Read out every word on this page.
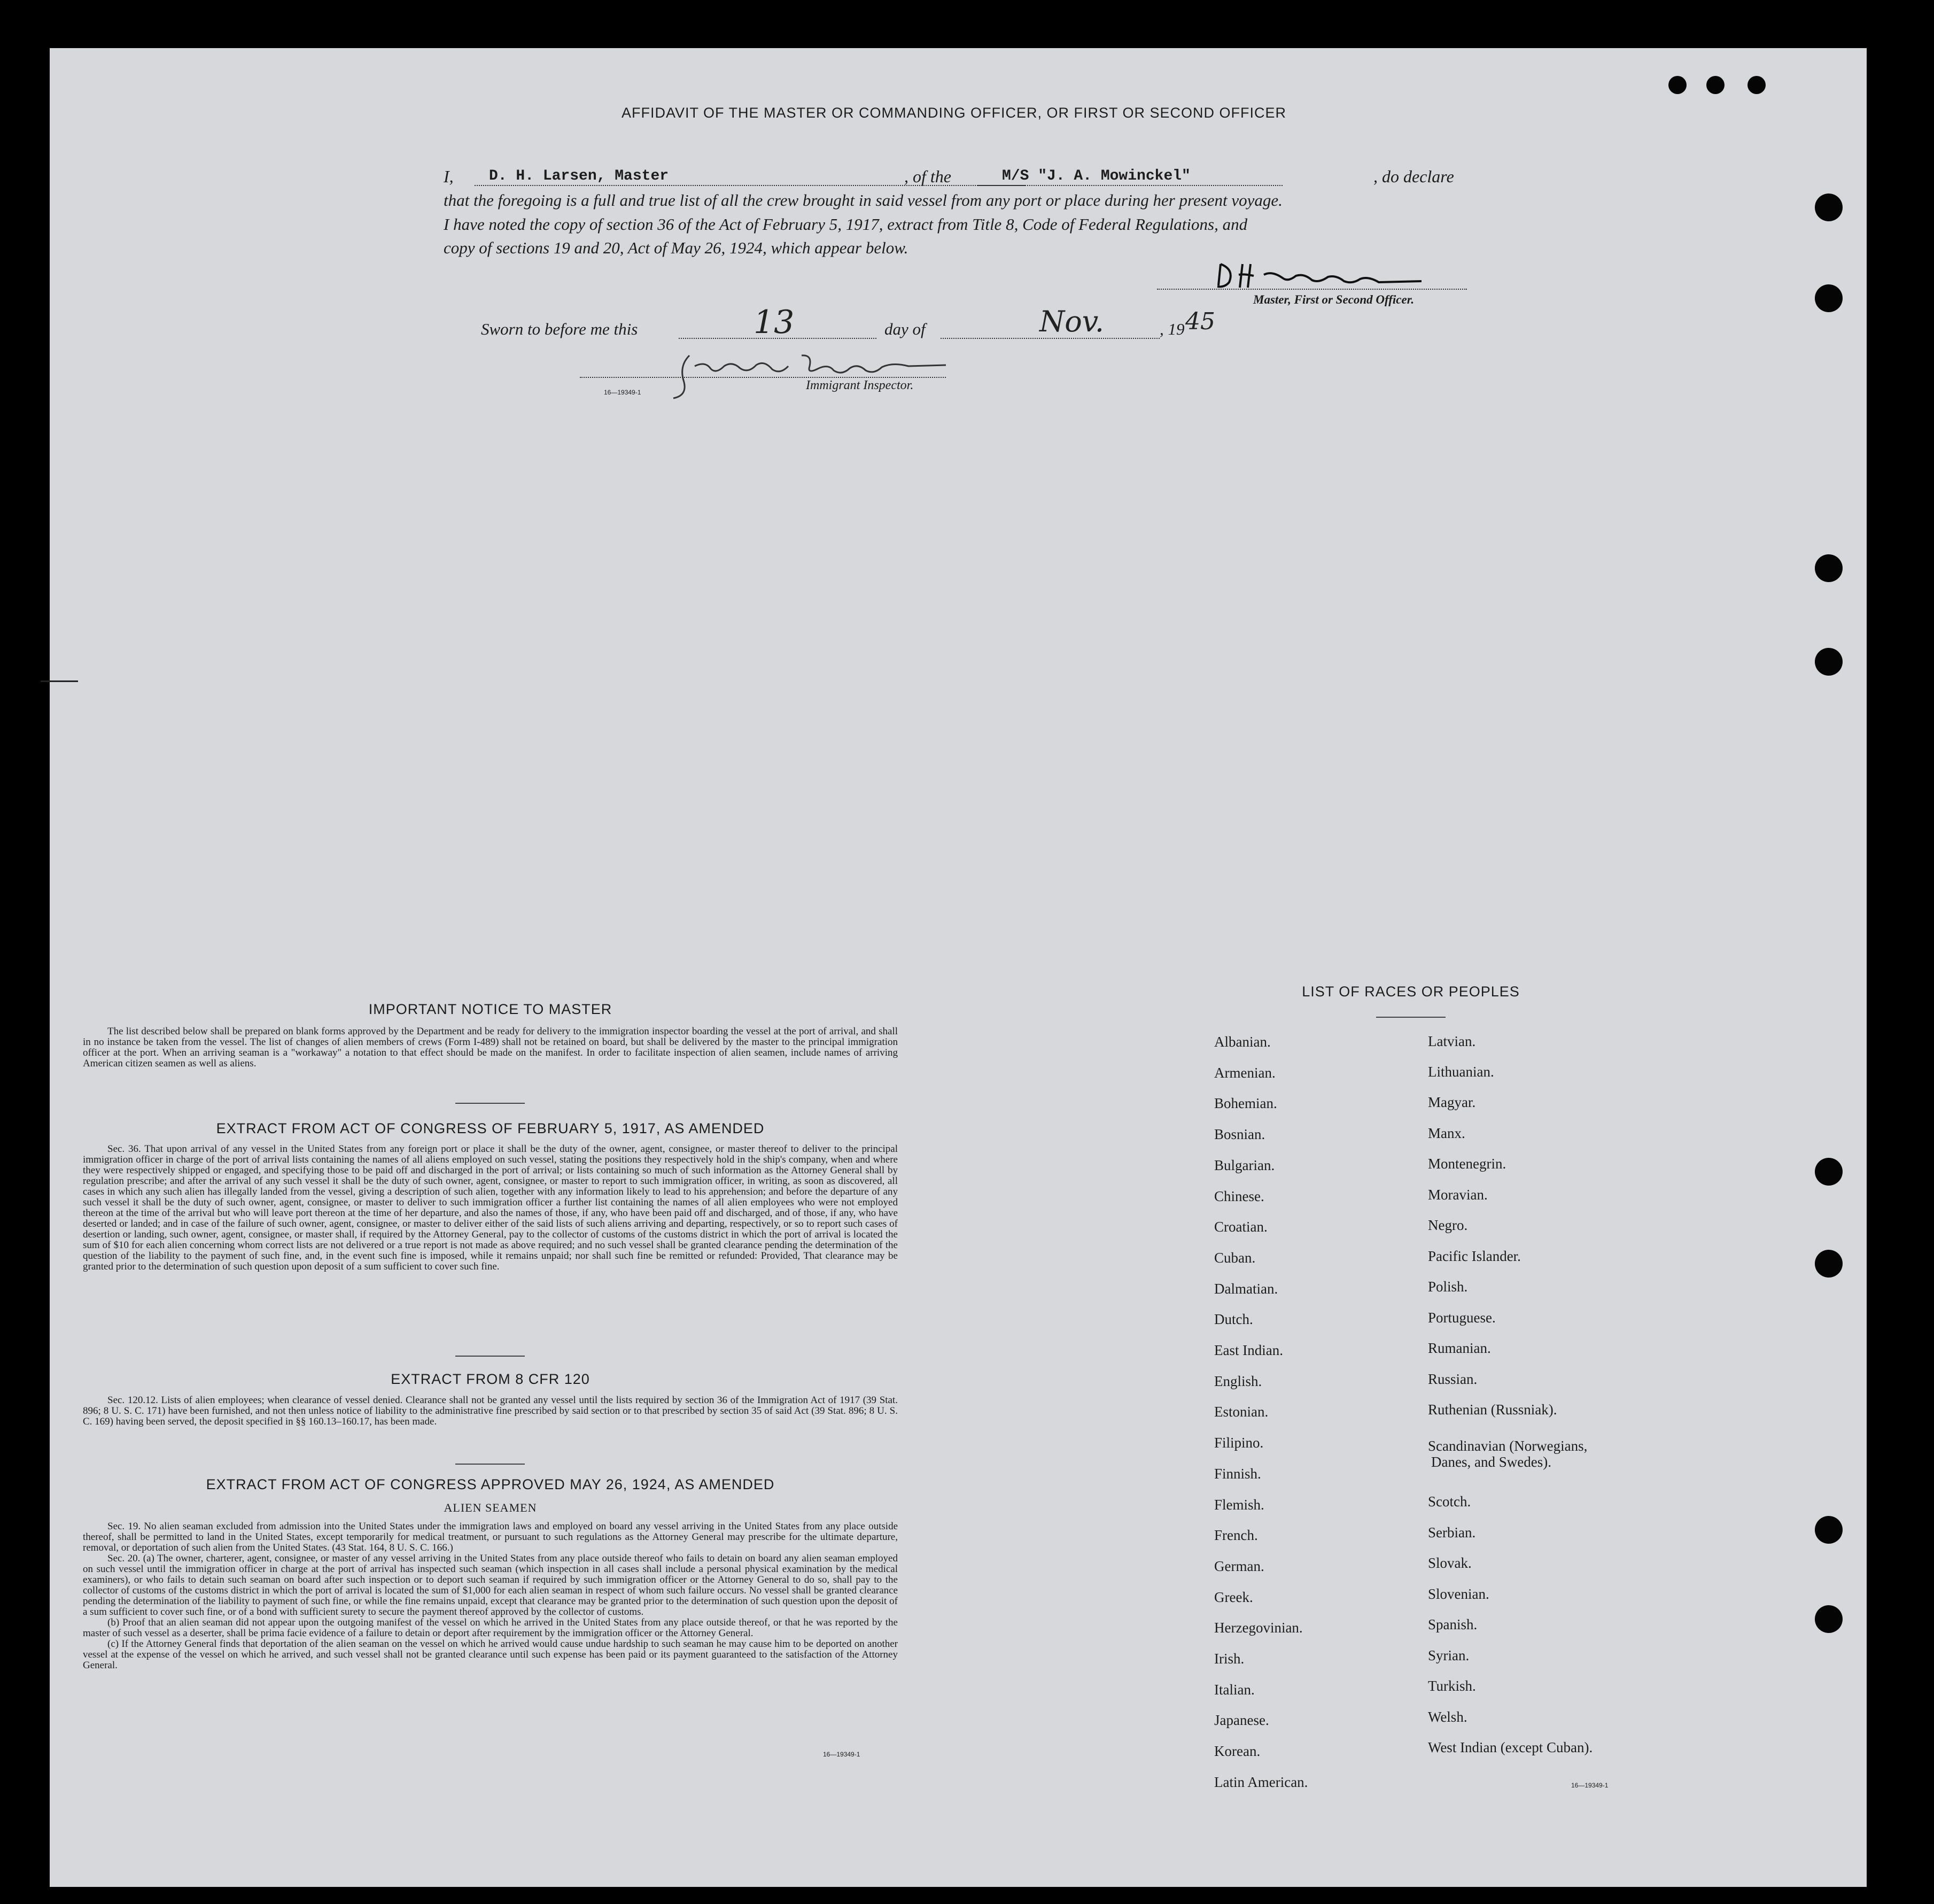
AFFIDAVIT OF THE MASTER OR COMMANDING OFFICER, OR FIRST OR SECOND OFFICER
I, D. H. Larsen, Master	, of the	M/S "J. A. Mowinckel"	, do declare
that the foregoing is a full and true list of all the crew brought in said vessel from any port or place during her present voyage.
I have noted the copy of section 36 of the Act of February 5, 1917, extract from Title 8, Code of Federal Regulations, and
copy of sections 19 and 20, Act of May 26, 1924, which appear below.
Master, First or Second Officer.
Sworn to before me this	13	day of	Nov.	, 19 45
16—19349-1	Immigrant Inspector.
IMPORTANT NOTICE TO MASTER

The list described below shall be prepared on blank forms approved by the Department and be ready for delivery to the immigration inspector boarding the vessel at the port of arrival, and shall in no instance be taken from the vessel. The list of changes of alien members of crews (Form I-489) shall not be retained on board, but shall be delivered by the master to the principal immigration officer at the port. When an arriving seaman is a "workaway" a notation to that effect should be made on the manifest. In order to facilitate inspection of alien seamen, include names of arriving American citizen seamen as well as aliens.

EXTRACT FROM ACT OF CONGRESS OF FEBRUARY 5, 1917, AS AMENDED

Sec. 36. That upon arrival of any vessel in the United States from any foreign port or place it shall be the duty of the owner, agent, consignee, or master thereof to deliver to the principal immigration officer in charge of the port of arrival lists containing the names of all aliens employed on such vessel, stating the positions they respectively hold in the ship's company, when and where they were respectively shipped or engaged, and specifying those to be paid off and discharged in the port of arrival; or lists containing so much of such information as the Attorney General shall by regulation prescribe; and after the arrival of any such vessel it shall be the duty of such owner, agent, consignee, or master to report to such immigration officer, in writing, as soon as discovered, all cases in which any such alien has illegally landed from the vessel, giving a description of such alien, together with any information likely to lead to his apprehension; and before the departure of any such vessel it shall be the duty of such owner, agent, consignee, or master to deliver to such immigration officer a further list containing the names of all alien employees who were not employed thereon at the time of the arrival but who will leave port thereon at the time of her departure, and also the names of those, if any, who have been paid off and discharged, and of those, if any, who have deserted or landed; and in case of the failure of such owner, agent, consignee, or master to deliver either of the said lists of such aliens arriving and departing, respectively, or so to report such cases of desertion or landing, such owner, agent, consignee, or master shall, if required by the Attorney General, pay to the collector of customs of the customs district in which the port of arrival is located the sum of $10 for each alien concerning whom correct lists are not delivered or a true report is not made as above required; and no such vessel shall be granted clearance pending the determination of the question of the liability to the payment of such fine, and, in the event such fine is imposed, while it remains unpaid; nor shall such fine be remitted or refunded: Provided, That clearance may be granted prior to the determination of such question upon deposit of a sum sufficient to cover such fine.

EXTRACT FROM 8 CFR 120

Sec. 120.12. Lists of alien employees; when clearance of vessel denied. Clearance shall not be granted any vessel until the lists required by section 36 of the Immigration Act of 1917 (39 Stat. 896; 8 U. S. C. 171) have been furnished, and not then unless notice of liability to the administrative fine prescribed by said section or to that prescribed by section 35 of said Act (39 Stat. 896; 8 U. S. C. 169) having been served, the deposit specified in §§ 160.13–160.17, has been made.

EXTRACT FROM ACT OF CONGRESS APPROVED MAY 26, 1924, AS AMENDED
ALIEN SEAMEN

Sec. 19. No alien seaman excluded from admission into the United States under the immigration laws and employed on board any vessel arriving in the United States from any place outside thereof, shall be permitted to land in the United States, except temporarily for medical treatment, or pursuant to such regulations as the Attorney General may prescribe for the ultimate departure, removal, or deportation of such alien from the United States. (43 Stat. 164, 8 U. S. C. 166.)

Sec. 20. (a) The owner, charterer, agent, consignee, or master of any vessel arriving in the United States from any place outside thereof who fails to detain on board any alien seaman employed on such vessel until the immigration officer in charge at the port of arrival has inspected such seaman (which inspection in all cases shall include a personal physical examination by the medical examiners), or who fails to detain such seaman on board after such inspection or to deport such seaman if required by such immigration officer or the Attorney General to do so, shall pay to the collector of customs of the customs district in which the port of arrival is located the sum of $1,000 for each alien seaman in respect of whom such failure occurs. No vessel shall be granted clearance pending the determination of the liability to payment of such fine, or while the fine remains unpaid, except that clearance may be granted prior to the determination of such question upon the deposit of a sum sufficient to cover such fine, or of a bond with sufficient surety to secure the payment thereof approved by the collector of customs.

(b) Proof that an alien seaman did not appear upon the outgoing manifest of the vessel on which he arrived in the United States from any place outside thereof, or that he was reported by the master of such vessel as a deserter, shall be prima facie evidence of a failure to detain or deport after requirement by the immigration officer or the Attorney General.

(c) If the Attorney General finds that deportation of the alien seaman on the vessel on which he arrived would cause undue hardship to such seaman he may cause him to be deported on another vessel at the expense of the vessel on which he arrived, and such vessel shall not be granted clearance until such expense has been paid or its payment guaranteed to the satisfaction of the Attorney General.

16—19349-1
LIST OF RACES OR PEOPLES
Albanian.
Armenian.
Bohemian.
Bosnian.
Bulgarian.
Chinese.
Croatian.
Cuban.
Dalmatian.
Dutch.
East Indian.
English.
Estonian.
Filipino.
Finnish.
Flemish.
French.
German.
Greek.
Herzegovinian.
Irish.
Italian.
Japanese.
Korean.
Latin American.
Latvian.
Lithuanian.
Magyar.
Manx.
Montenegrin.
Moravian.
Negro.
Pacific Islander.
Polish.
Portuguese.
Rumanian.
Russian.
Ruthenian (Russniak).
Scandinavian (Norwegians,
Danes, and Swedes).
Scotch.
Serbian.
Slovak.
Slovenian.
Spanish.
Syrian.
Turkish.
Welsh.
West Indian (except Cuban).
16—19349-1
